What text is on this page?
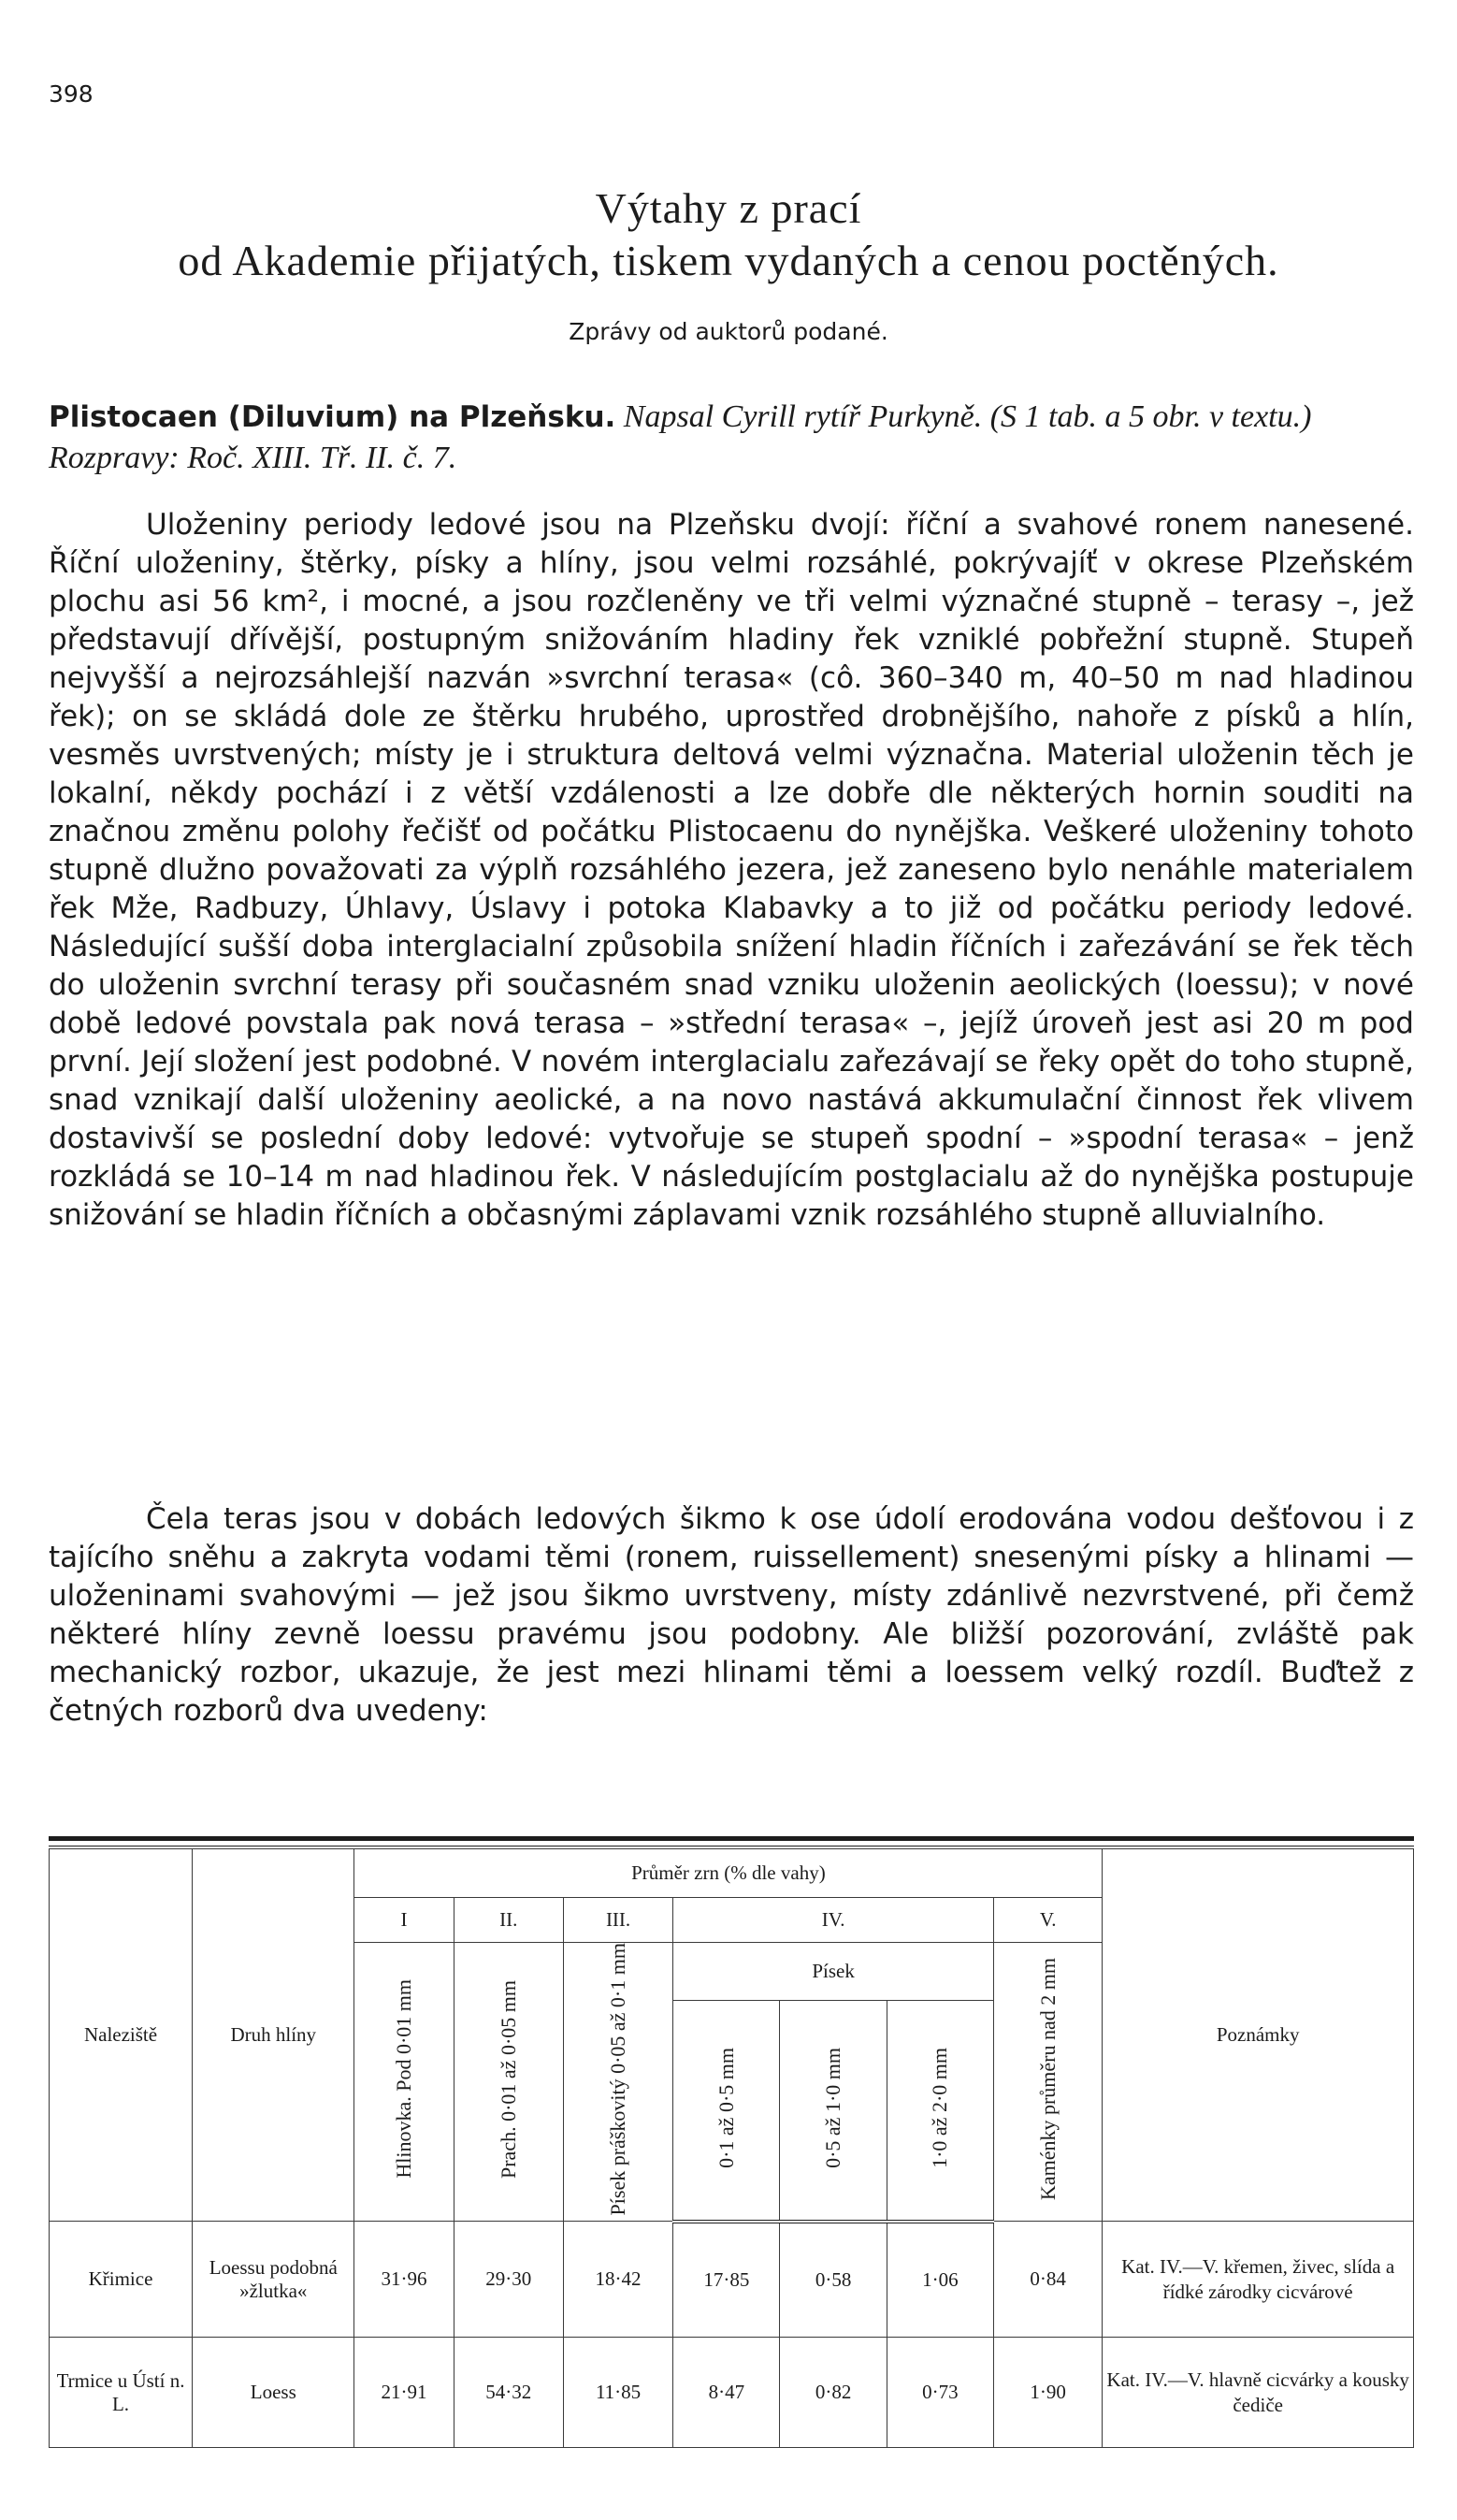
398
Výtahy z prací
od Akademie přijatých, tiskem vydaných a cenou poctěných.
Zprávy od auktorů podané.
Plistocaen (Diluvium) na Plzeňsku. Napsal Cyrill rytíř Purkyně. (S 1 tab. a 5 obr. v textu.) Rozpravy: Roč. XIII. Tř. II. č. 7.

Uloženiny periody ledové jsou na Plzeňsku dvojí: říční a svahové ronem nanesené. Říční uloženiny, štěrky, písky a hlíny, jsou velmi rozsáhlé, pokrývajíť v okrese Plzeňském plochu asi 56 km², i mocné, a jsou rozčleněny ve tři velmi význačné stupně – terasy –, jež představují dřívější, postupným snižováním hladiny řek vzniklé pobřežní stupně. Stupeň nejvyšší a nejrozsáhlejší nazván »svrchní terasa« (cô. 360–340 m, 40–50 m nad hladinou řek); on se skládá dole ze štěrku hrubého, uprostřed drobnějšího, nahoře z písků a hlín, vesměs uvrstvených; místy je i struktura deltová velmi význačna. Material uloženin těch je lokalní, někdy pochází i z větší vzdálenosti a lze dobře dle některých hornin souditi na značnou změnu polohy řečišť od počátku Plistocaenu do nynějška. Veškeré uloženiny tohoto stupně dlužno považovati za výplň rozsáhlého jezera, jež zaneseno bylo nenáhle materialem řek Mže, Radbuzy, Úhlavy, Úslavy i potoka Klabavky a to již od počátku periody ledové. Následující sušší doba interglacialní způsobila snížení hladin říčních i zařezávání se řek těch do uloženin svrchní terasy při současném snad vzniku uloženin aeolických (loessu); v nové době ledové povstala pak nová terasa – »střední terasa« –, jejíž úroveň jest asi 20 m pod první. Její složení jest podobné. V novém interglacialu zařezávají se řeky opět do toho stupně, snad vznikají další uloženiny aeolické, a na novo nastává akkumulační činnost řek vlivem dostavivší se poslední doby ledové: vytvořuje se stupeň spodní – »spodní terasa« – jenž rozkládá se 10–14 m nad hladinou řek. V následujícím postglacialu až do nynějška postupuje snižování se hladin říčních a občasnými záplavami vznik rozsáhlého stupně alluvialního.

Čela teras jsou v dobách ledových šikmo k ose údolí erodována vodou dešťovou i z tajícího sněhu a zakryta vodami těmi (ronem, ruissellement) snesenými písky a hlinami — uloženinami svahovými — jež jsou šikmo uvrstveny, místy zdánlivě nezvrstvené, při čemž některé hlíny zevně loessu pravému jsou podobny. Ale bližší pozorování, zvláště pak mechanický rozbor, ukazuje, že jest mezi hlinami těmi a loessem velký rozdíl. Buďtež z četných rozborů dva uvedeny:

Naleziště	Druh hlíny	Průměr zrn (% dle vahy)							Poznámky
		I	II.	III.	IV.			V.	
		Hlinovka. Pod 0·01 mm	Prach. 0·01 až 0·05 mm	Písek práškovitý 0·05 až 0·1 mm	Písek			Kaménky průměru nad 2 mm	
					0·1 až 0·5 mm	0·5 až 1·0 mm	1·0 až 2·0 mm		
Křimice	Loessu podobná »žlutka«	31·96	29·30	18·42	17·85	0·58	1·06	0·84	Kat. IV.—V. křemen, živec, slída a řídké zárodky cicvárové
Trmice u Ústí n. L.	Loess	21·91	54·32	11·85	8·47	0·82	0·73	1·90	Kat. IV.—V. hlavně cicvárky a kousky čediče
